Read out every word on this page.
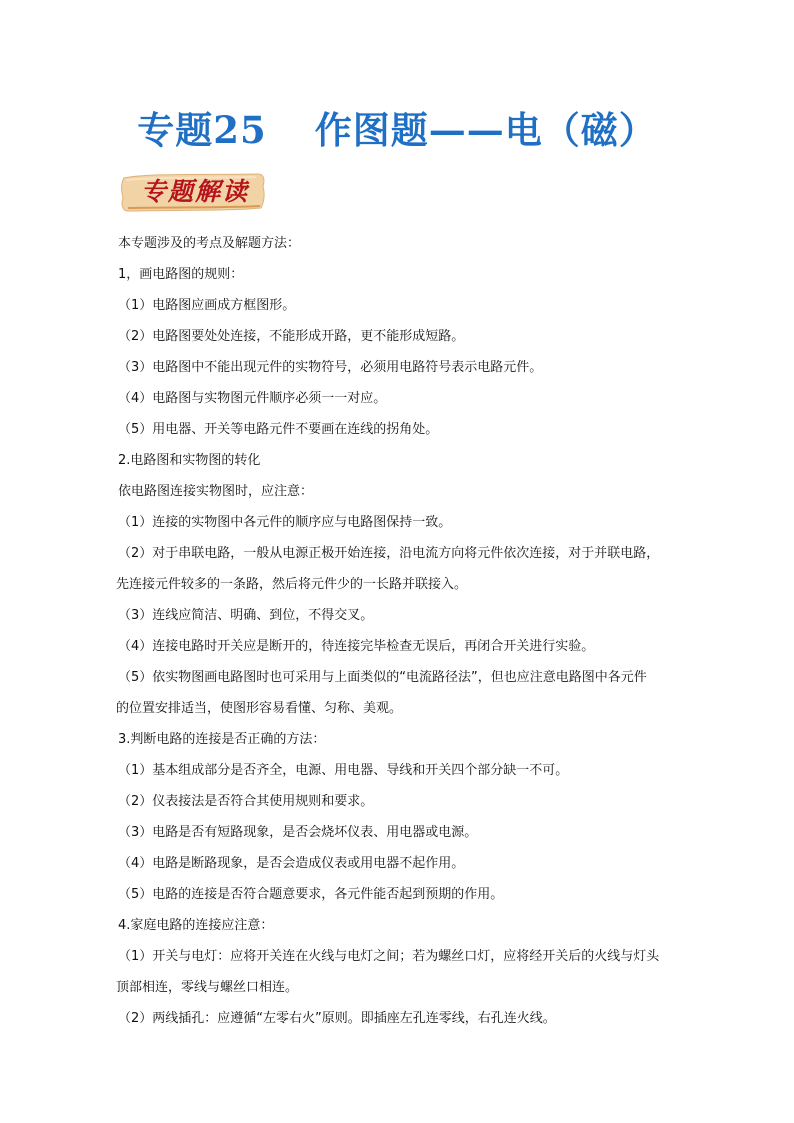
专题25 作图题——电（磁）
专题解读
本专题涉及的考点及解题方法：
1，画电路图的规则：
（1）电路图应画成方框图形。
（2）电路图要处处连接，不能形成开路，更不能形成短路。
（3）电路图中不能出现元件的实物符号，必须用电路符号表示电路元件。
（4）电路图与实物图元件顺序必须一一对应。
（5）用电器、开关等电路元件不要画在连线的拐角处。
2.电路图和实物图的转化
依电路图连接实物图时，应注意：
（1）连接的实物图中各元件的顺序应与电路图保持一致。
（2）对于串联电路，一般从电源正极开始连接，沿电流方向将元件依次连接，对于并联电路，
先连接元件较多的一条路，然后将元件少的一长路并联接入。
（3）连线应简洁、明确、到位，不得交叉。
（4）连接电路时开关应是断开的，待连接完毕检查无误后，再闭合开关进行实验。
（5）依实物图画电路图时也可采用与上面类似的“电流路径法”，但也应注意电路图中各元件
的位置安排适当，使图形容易看懂、匀称、美观。
3.判断电路的连接是否正确的方法：
（1）基本组成部分是否齐全，电源、用电器、导线和开关四个部分缺一不可。
（2）仪表接法是否符合其使用规则和要求。
（3）电路是否有短路现象，是否会烧坏仪表、用电器或电源。
（4）电路是断路现象，是否会造成仪表或用电器不起作用。
（5）电路的连接是否符合题意要求，各元件能否起到预期的作用。
4.家庭电路的连接应注意：
（1）开关与电灯：应将开关连在火线与电灯之间；若为螺丝口灯，应将经开关后的火线与灯头
顶部相连，零线与螺丝口相连。
（2）两线插孔：应遵循“左零右火”原则。即插座左孔连零线，右孔连火线。
